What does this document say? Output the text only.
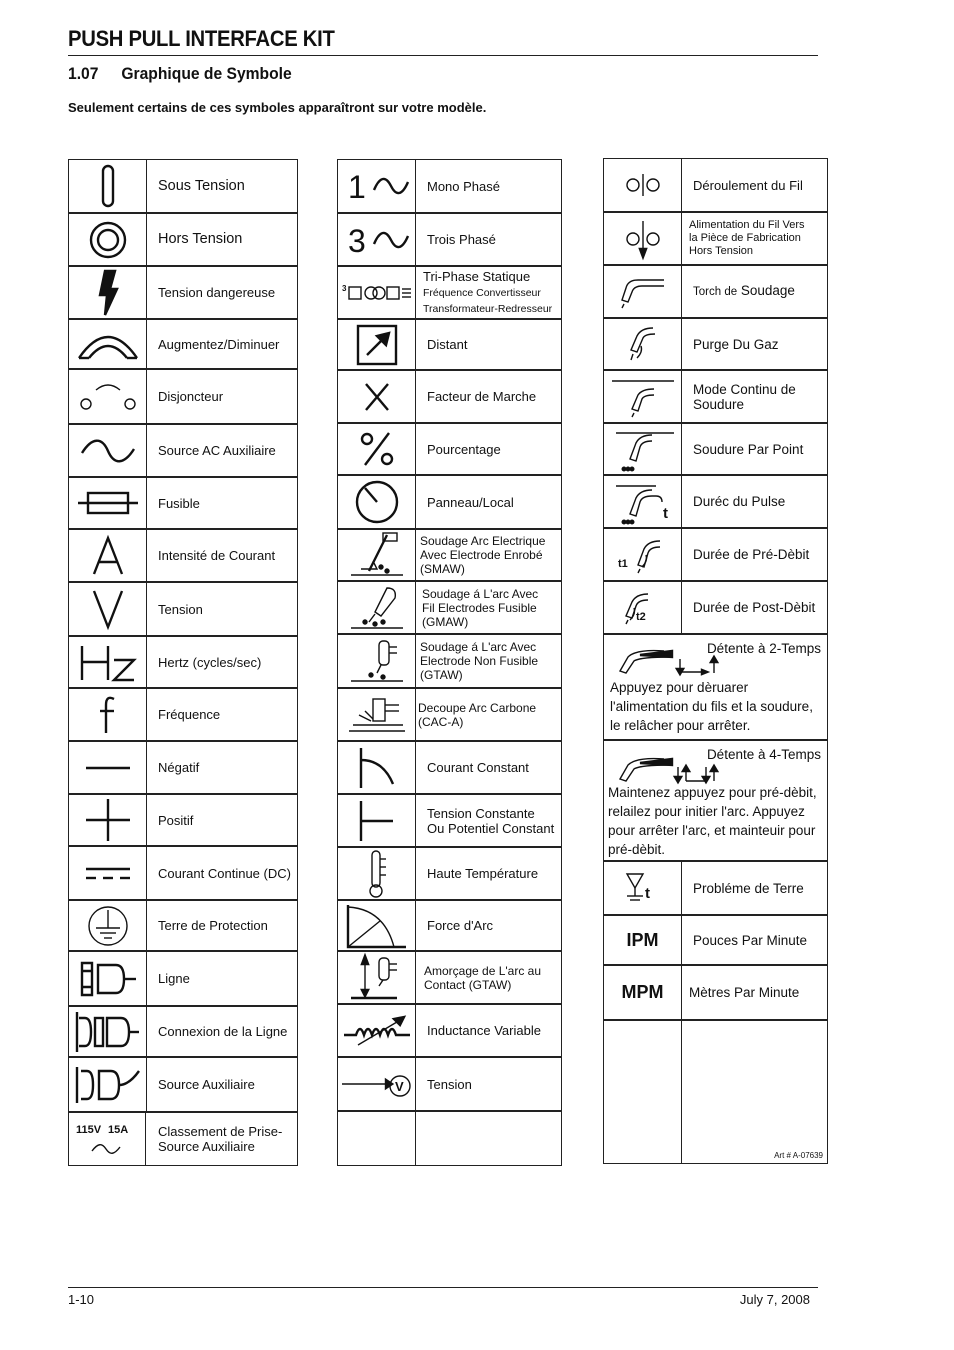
PUSH PULL INTERFACE KIT
1.07 Graphique de Symbole
Seulement certains de ces symboles apparaîtront sur votre modèle.
Sous Tension
Hors Tension
Tension dangereuse
Augmentez/Diminuer
Disjoncteur
Source AC Auxiliaire
Fusible
Intensité de Courant
Tension
Hertz (cycles/sec)
Fréquence
Négatif
Positif
Courant Continue (DC)
Terre de Protection
Ligne
Connexion de la Ligne
Source Auxiliaire
115V 15A Classement de Prise-
Source Auxiliaire
1	Mono Phasé
3	Trois Phasé
3
Tri-Phase Statique
Fréquence Convertisseur
Transformateur-Redresseur
Distant
Facteur de Marche
Pourcentage
Panneau/Local
Soudage Arc Electrique
Avec Electrode Enrobé
(SMAW)
Soudage á L'arc Avec
Fil Electrodes Fusible
(GMAW)
Soudage á L'arc Avec
Electrode Non Fusible
(GTAW)
Decoupe Arc Carbone
(CAC-A)
Courant Constant
Tension Constante
Ou Potentiel Constant
Haute Température
Force d'Arc
Amorçage de L'arc au
Contact (GTAW)
Inductance Variable
V Tension
Déroulement du Fil
Alimentation du Fil Vers
la Pièce de Fabrication
Hors Tension
Torch de Soudage
Purge Du Gaz
Mode Continu de
Soudure
Soudure Par Point
t
Duréc du Pulse
t1
Durée de Pré-Dèbit
t2
Durée de Post-Dèbit
Détente à 2-Temps
Appuyez pour dèruarer
l'alimentation du fils et la soudure,
le relâcher pour arrêter.
Détente à 4-Temps
Maintenez appuyez pour pré-dèbit,
relailez pour initier l'arc. Appuyez
pour arrêter l'arc, et mainteuir pour
pré-dèbit.
t	Probléme de Terre
IPM	Pouces Par Minute
MPM Mètres Par Minute
Art # A-07639
1-10	July 7, 2008
